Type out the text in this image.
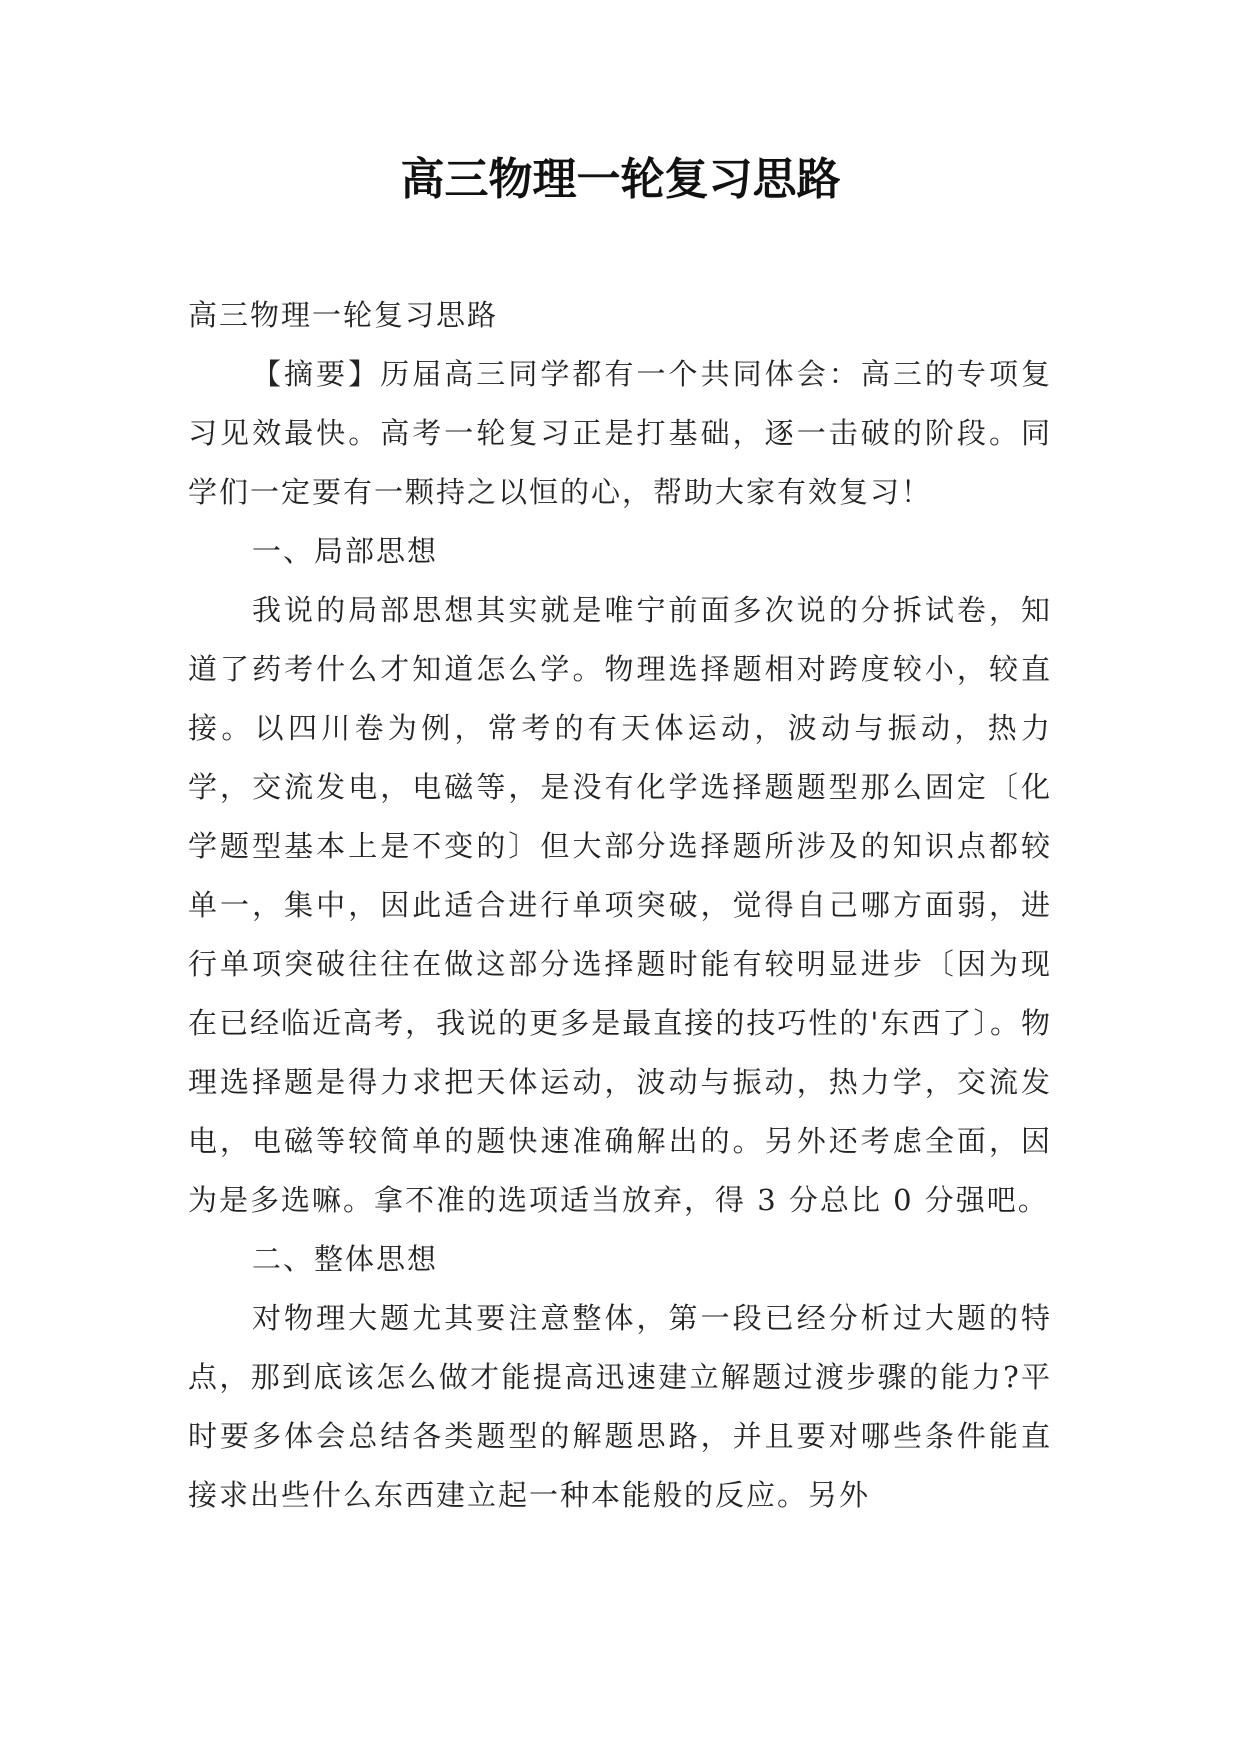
高三物理一轮复习思路

高三物理一轮复习思路

【摘要】历届高三同学都有一个共同体会：高三的专项复习见效最快。高考一轮复习正是打基础，逐一击破的阶段。同学们一定要有一颗持之以恒的心，帮助大家有效复习！

一、局部思想

我说的局部思想其实就是唯宁前面多次说的分拆试卷，知道了药考什么才知道怎么学。物理选择题相对跨度较小，较直接。以四川卷为例，常考的有天体运动，波动与振动，热力学，交流发电，电磁等，是没有化学选择题题型那么固定〔化学题型基本上是不变的〕但大部分选择题所涉及的知识点都较单一，集中，因此适合进行单项突破，觉得自己哪方面弱，进行单项突破往往在做这部分选择题时能有较明显进步〔因为现在已经临近高考，我说的更多是最直接的技巧性的'东西了〕。物理选择题是得力求把天体运动，波动与振动，热力学，交流发电，电磁等较简单的题快速准确解出的。另外还考虑全面，因为是多选嘛。拿不准的选项适当放弃，得 3 分总比 0 分强吧。

二、整体思想

对物理大题尤其要注意整体，第一段已经分析过大题的特点，那到底该怎么做才能提高迅速建立解题过渡步骤的能力?平时要多体会总结各类题型的解题思路，并且要对哪些条件能直接求出些什么东西建立起一种本能般的反应。另外
